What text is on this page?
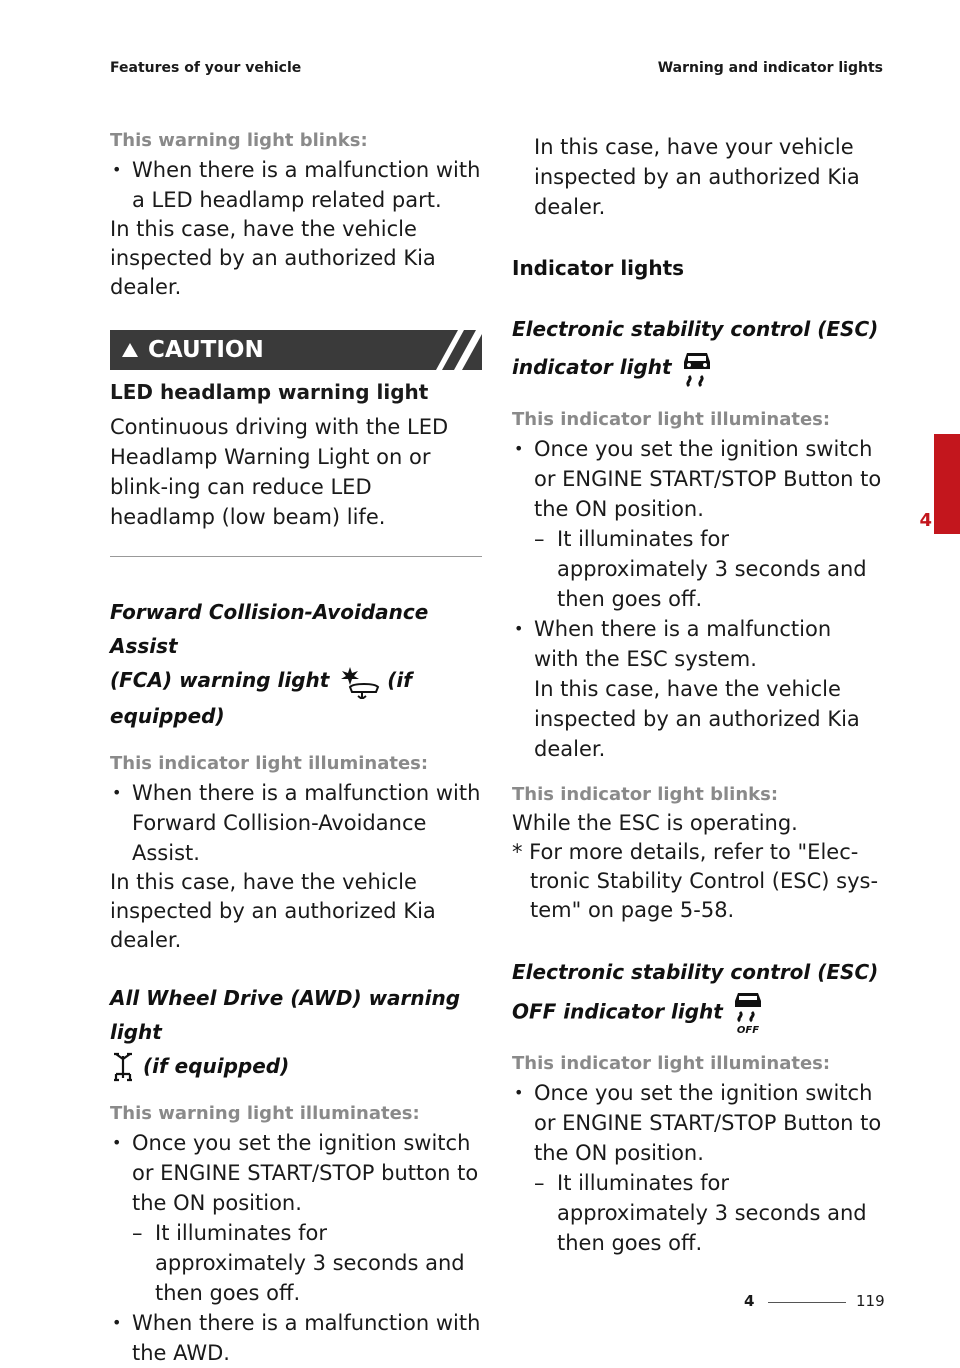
Features of your vehicle	Warning and indicator lights
This warning light blinks:
• When there is a malfunction with a LED headlamp related part.
In this case, have the vehicle inspected by an authorized Kia dealer.
CAUTION
LED headlamp warning light
Continuous driving with the LED Headlamp Warning Light on or blink-ing can reduce LED headlamp (low beam) life.
Forward Collision-Avoidance Assist
(FCA) warning light	(if
equipped)
This indicator light illuminates:
• When there is a malfunction with Forward Collision-Avoidance Assist.
In this case, have the vehicle inspected by an authorized Kia dealer.
All Wheel Drive (AWD) warning light
(if equipped)
This warning light illuminates:
• Once you set the ignition switch or ENGINE START/STOP button to the ON position.
– It illuminates for approximately 3 seconds and then goes off.
• When there is a malfunction with the AWD.
In this case, have your vehicle inspected by an authorized Kia dealer.
Indicator lights
Electronic stability control (ESC)
indicator light
This indicator light illuminates:
• Once you set the ignition switch or ENGINE START/STOP Button to the ON position.
– It illuminates for approximately 3 seconds and then goes off.
• When there is a malfunction with the ESC system.
In this case, have the vehicle inspected by an authorized Kia dealer.
This indicator light blinks:
While the ESC is operating.
* For more details, refer to "Elec-tronic Stability Control (ESC) sys-tem" on page 5-58.
Electronic stability control (ESC)
OFF indicator light
OFF
This indicator light illuminates:
• Once you set the ignition switch or ENGINE START/STOP Button to the ON position.
– It illuminates for approximately 3 seconds and then goes off.
4
4	119
